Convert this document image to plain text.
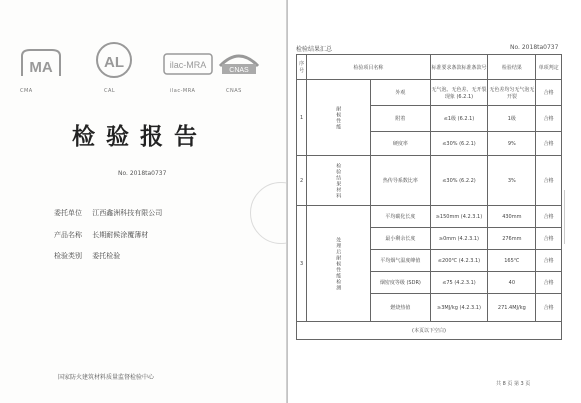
MA
CMA
AL
CAL
ilac-MRA
ilac-MRA
CNAS
CNAS
检验报告
No. 2018ta0737
委托单位 江西鑫洲科技有限公司
产品名称 长期耐候涂覆薄材
检验类别 委托检验
国家防火建筑材料质量监督检验中心
检验结果汇总	No. 2018ta0737
序号	检验项目名称		标准要求条款标准条款号	检验结果	单项判定
1	耐候性能	外观	无气泡、无色差、无开裂现象 (6.2.1)	无色差均匀无气泡无开裂	合格
		附着	≤1级 (6.2.1)	1级	合格
		硬度率	≤30% (6.2.1)	9%	合格
2	检验结果材料	热传导系数比率	≤30% (6.2.2)	3%	合格
3	处理后耐候性能检测	平均碳化长度	≥150mm (4.2.3.1)	430mm	合格
		最小剩余长度	≥0mm (4.2.3.1)	276mm	合格
		平均烟气温度峰值	≤200℃ (4.2.3.1)	165℃	合格
		烟密度等级 (SDR)	≤75 (4.2.3.1)	40	合格
		燃烧热值	≥3MJ/kg (4.2.3.1)	271.4MJ/kg	合格
(本页以下空白)					
共 8 页 第 3 页
